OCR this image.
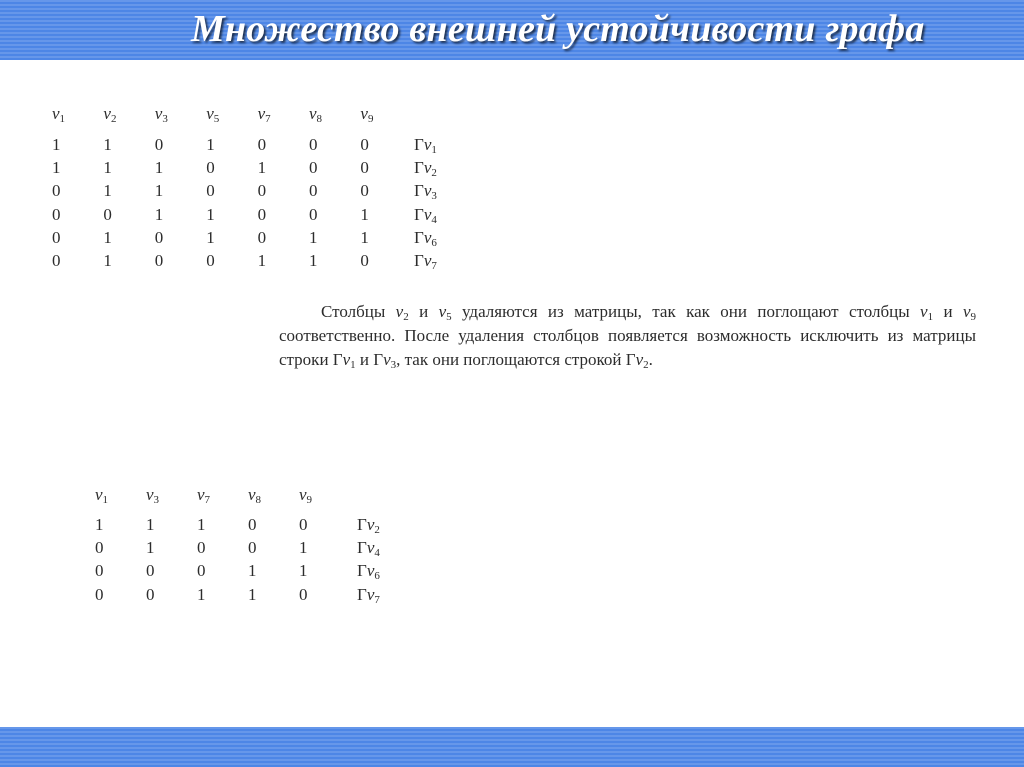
Множество внешней устойчивости графа
$v_1$	$v_2$	$v_3$	$v_5$	$v_7$	$v_8$	$v_9$
1	1	0	1	0	0	0	$\Gamma v_1$
1	1	1	0	1	0	0	$\Gamma v_2$
0	1	1	0	0	0	0	$\Gamma v_3$
0	0	1	1	0	0	1	$\Gamma v_4$
0	1	0	1	0	1	1	$\Gamma v_6$
0	1	0	0	1	1	0	$\Gamma v_7$

Столбцы $v_2$ и $v_5$ удаляются из матрицы, так как они поглощают столбцы $v_1$ и $v_9$ соответственно. После удаления столбцов появляется возможность исключить из матрицы строки $\Gamma v_1$ и $\Gamma v_3$, так они поглощаются строкой $\Gamma v_2$.

$v_1$	$v_3$	$v_7$	$v_8$	$v_9$
1	1	1	0	0	$\Gamma v_2$
0	1	0	0	1	$\Gamma v_4$
0	0	0	1	1	$\Gamma v_6$
0	0	1	1	0	$\Gamma v_7$
